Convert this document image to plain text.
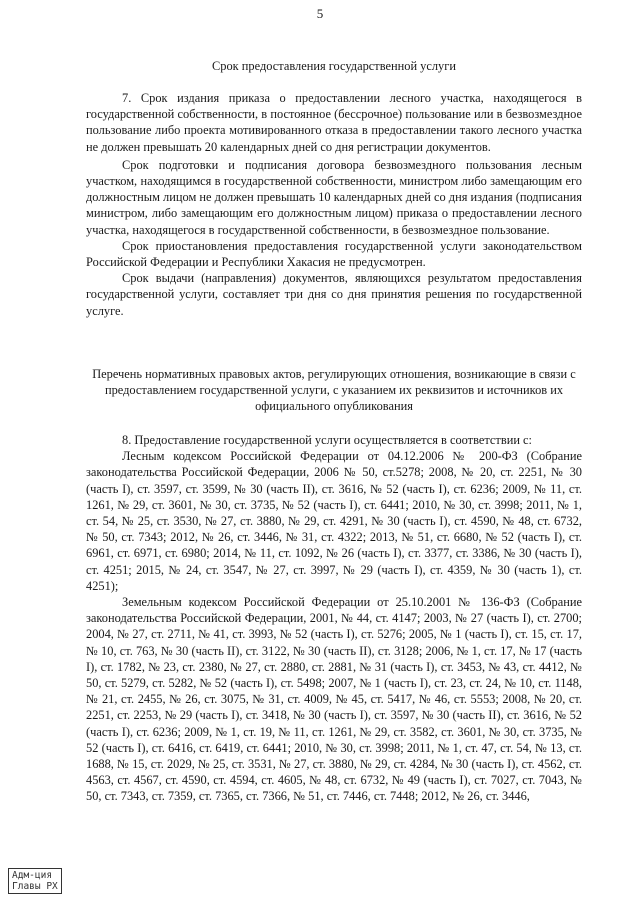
5

Срок предоставления государственной услуги

7. Срок издания приказа о предоставлении лесного участка, находящегося в государственной собственности, в постоянное (бессрочное) пользование или в безвозмездное пользование либо проекта мотивированного отказа в предоставлении такого лесного участка не должен превышать 20 календарных дней со дня регистрации документов.

Срок подготовки и подписания договора безвозмездного пользования лесным участком, находящимся в государственной собственности, министром либо замещающим его должностным лицом не должен превышать 10 календарных дней со дня издания (подписания министром, либо замещающим его должностным лицом) приказа о предоставлении лесного участка, находящегося в государственной собственности, в безвозмездное пользование.

Срок приостановления предоставления государственной услуги законодательством Российской Федерации и Республики Хакасия не предусмотрен.

Срок выдачи (направления) документов, являющихся результатом предоставления государственной услуги, составляет три дня со дня принятия решения по государственной услуге.

Перечень нормативных правовых актов, регулирующих отношения, возникающие в связи с предоставлением государственной услуги, с указанием их реквизитов и источников их официального опубликования

8. Предоставление государственной услуги осуществляется в соответствии с:

Лесным кодексом Российской Федерации от 04.12.2006 № 200-ФЗ (Собрание законодательства Российской Федерации, 2006 № 50, ст.5278; 2008, № 20, ст. 2251, № 30 (часть I), ст. 3597, ст. 3599, № 30 (часть II), ст. 3616, № 52 (часть I), ст. 6236; 2009, № 11, ст. 1261, № 29, ст. 3601, № 30, ст. 3735, № 52 (часть I), ст. 6441; 2010, № 30, ст. 3998; 2011, № 1, ст. 54, № 25, ст. 3530, № 27, ст. 3880, № 29, ст. 4291, № 30 (часть I), ст. 4590, № 48, ст. 6732, № 50, ст. 7343; 2012, № 26, ст. 3446, № 31, ст. 4322; 2013, № 51, ст. 6680, № 52 (часть I), ст. 6961, ст. 6971, ст. 6980; 2014, № 11, ст. 1092, № 26 (часть I), ст. 3377, ст. 3386, № 30 (часть I), ст. 4251; 2015, № 24, ст. 3547, № 27, ст. 3997, № 29 (часть I), ст. 4359, № 30 (часть 1), ст. 4251);

Земельным кодексом Российской Федерации от 25.10.2001 № 136-ФЗ (Собрание законодательства Российской Федерации, 2001, № 44, ст. 4147; 2003, № 27 (часть I), ст. 2700; 2004, № 27, ст. 2711, № 41, ст. 3993, № 52 (часть I), ст. 5276; 2005, № 1 (часть I), ст. 15, ст. 17, № 10, ст. 763, № 30 (часть II), ст. 3122, № 30 (часть II), ст. 3128; 2006, № 1, ст. 17, № 17 (часть I), ст. 1782, № 23, ст. 2380, № 27, ст. 2880, ст. 2881, № 31 (часть I), ст. 3453, № 43, ст. 4412, № 50, ст. 5279, ст. 5282, № 52 (часть I), ст. 5498; 2007, № 1 (часть I), ст. 23, ст. 24, № 10, ст. 1148, № 21, ст. 2455, № 26, ст. 3075, № 31, ст. 4009, № 45, ст. 5417, № 46, ст. 5553; 2008, № 20, ст. 2251, ст. 2253, № 29 (часть I), ст. 3418, № 30 (часть I), ст. 3597, № 30 (часть II), ст. 3616, № 52 (часть I), ст. 6236; 2009, № 1, ст. 19, № 11, ст. 1261, № 29, ст. 3582, ст. 3601, № 30, ст. 3735, № 52 (часть I), ст. 6416, ст. 6419, ст. 6441; 2010, № 30, ст. 3998; 2011, № 1, ст. 47, ст. 54, № 13, ст. 1688, № 15, ст. 2029, № 25, ст. 3531, № 27, ст. 3880, № 29, ст. 4284, № 30 (часть I), ст. 4562, ст. 4563, ст. 4567, ст. 4590, ст. 4594, ст. 4605, № 48, ст. 6732, № 49 (часть I), ст. 7027, ст. 7043, № 50, ст. 7343, ст. 7359, ст. 7365, ст. 7366, № 51, ст. 7446, ст. 7448; 2012, № 26, ст. 3446,

Адм-ция
Главы РХ
